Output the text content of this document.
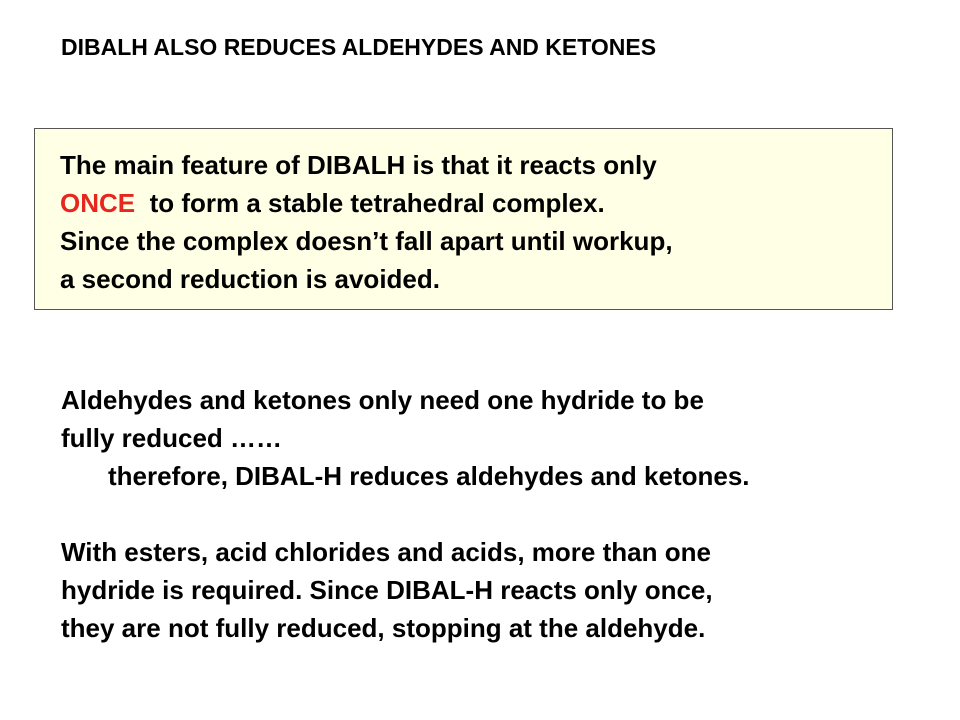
DIBALH ALSO REDUCES ALDEHYDES AND KETONES
The main feature of DIBALH is that it reacts only
ONCE  to form a stable tetrahedral complex.
Since the complex doesn’t fall apart until workup,
a second reduction is avoided.
Aldehydes and ketones only need one hydride to be
fully reduced ……
therefore, DIBAL-H reduces aldehydes and ketones.
With esters, acid chlorides and acids, more than one
hydride is required. Since DIBAL-H reacts only once,
they are not fully reduced, stopping at the aldehyde.
